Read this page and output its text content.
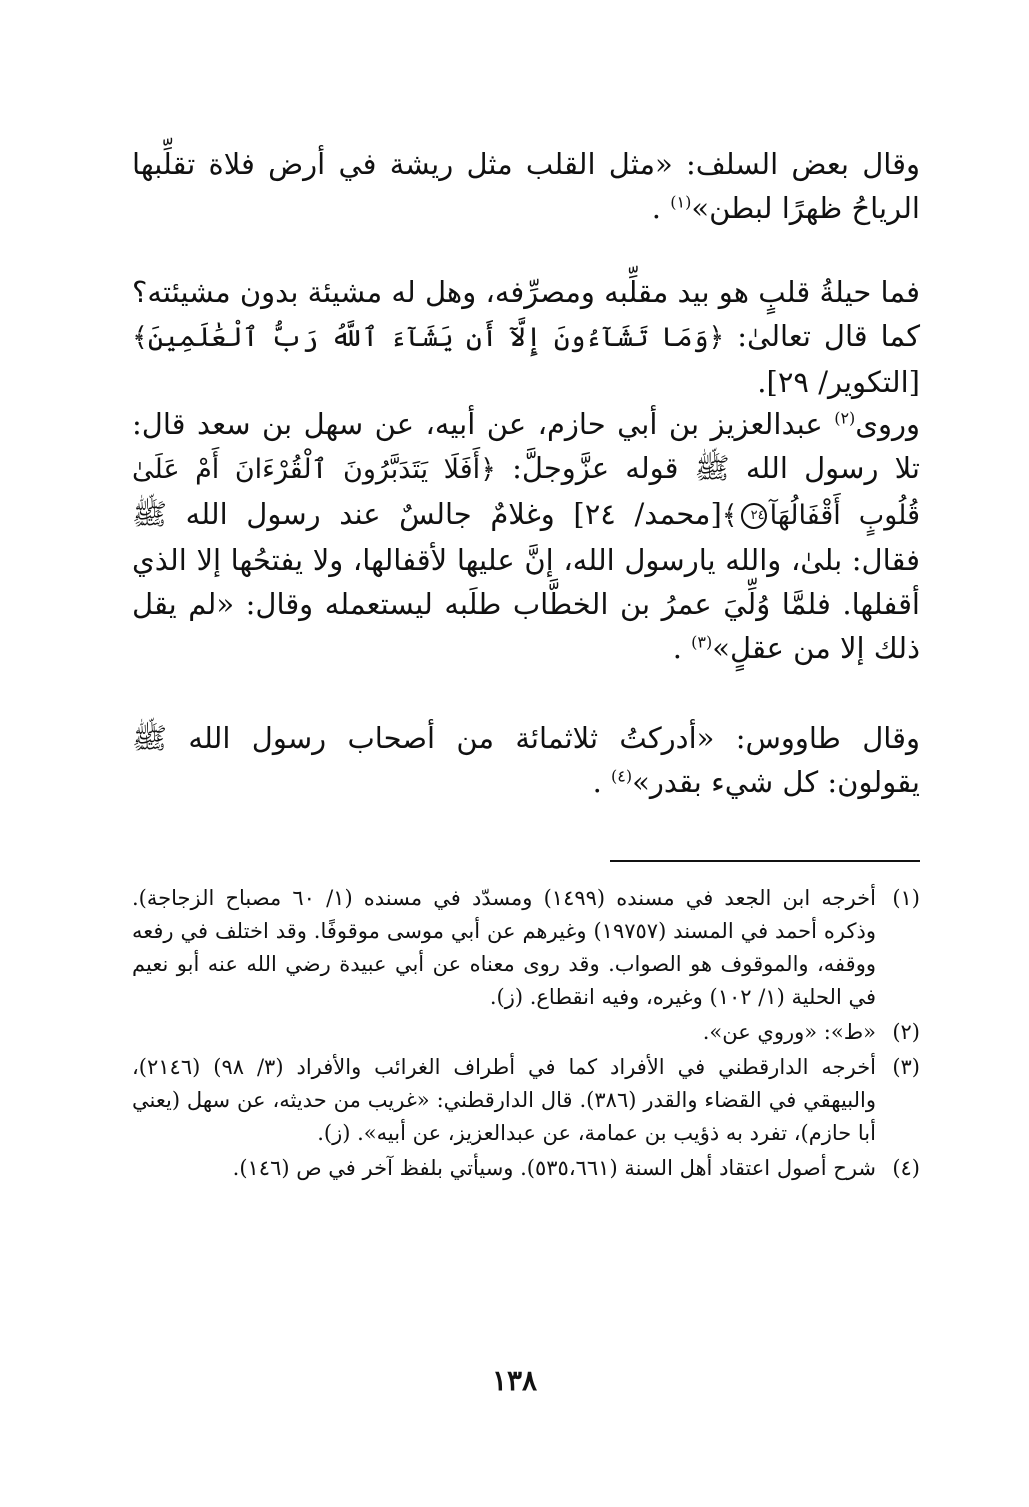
وقال بعض السلف: «مثل القلب مثل ريشة في أرض فلاة تقلِّبها الرياحُ ظهرًا لبطن»$^{(١)}$ .

فما حيلةُ قلبٍ هو بيد مقلِّبه ومصرِّفه، وهل له مشيئة بدون مشيئته؟ كما قال تعالىٰ: ﴿وَمَا تَشَآءُونَ إِلَّآ أَن يَشَآءَ ٱللَّهُ رَبُّ ٱلْعَٰلَمِينَ﴾[التكوير/ ٢٩].

وروى$^{(٢)}$ عبدالعزيز بن أبي حازم، عن أبيه، عن سهل بن سعد قال: تلا رسول الله ﷺ قوله عزَّوجلَّ: ﴿أَفَلَا يَتَدَبَّرُونَ ٱلْقُرْءَانَ أَمْ عَلَىٰ قُلُوبٍ أَقْفَالُهَآ٢٤﴾[محمد/ ٢٤] وغلامٌ جالسٌ عند رسول الله ﷺ فقال: بلىٰ، والله يارسول الله، إنَّ عليها لأقفالها، ولا يفتحُها إلا الذي أقفلها. فلمَّا وُلِّيَ عمرُ بن الخطَّاب طلَبه ليستعمله وقال: «لم يقل ذلك إلا من عقلٍ»$^{(٣)}$ .

وقال طاووس: «أدركتُ ثلاثمائة من أصحاب رسول الله ﷺ يقولون: كل شيء بقدر»$^{(٤)}$ .

(١)
أخرجه ابن الجعد في مسنده (١٤٩٩) ومسدّد في مسنده (١/ ٦٠ مصباح الزجاجة). وذكره أحمد في المسند (١٩٧٥٧) وغيرهم عن أبي موسى موقوفًا. وقد اختلف في رفعه ووقفه، والموقوف هو الصواب. وقد روى معناه عن أبي عبيدة رضي الله عنه أبو نعيم في الحلية (١/ ١٠٢) وغيره، وفيه انقطاع. (ز).
(٢)
«ط»: «وروي عن».
(٣)
أخرجه الدارقطني في الأفراد كما في أطراف الغرائب والأفراد (٣/ ٩٨) (٢١٤٦)، والبيهقي في القضاء والقدر (٣٨٦). قال الدارقطني: «غريب من حديثه، عن سهل (يعني أبا حازم)، تفرد به ذؤيب بن عمامة، عن عبدالعزيز، عن أبيه». (ز).
(٤)
شرح أصول اعتقاد أهل السنة (٥٣٥،٦٦١). وسيأتي بلفظ آخر في ص (١٤٦).
١٣٨
